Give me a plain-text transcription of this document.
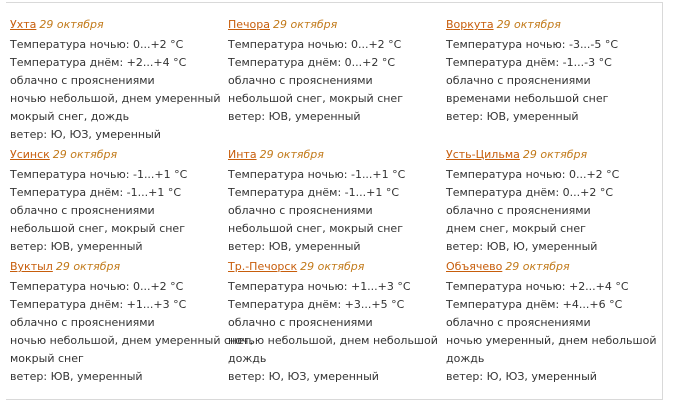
Ухта 29 октября
Температура ночью: 0...+2 °C
Температура днём: +2...+4 °C
облачно с прояснениями
ночью небольшой, днем умеренный
мокрый снег, дождь
ветер: Ю, ЮЗ, умеренный
Печора 29 октября
Температура ночью: 0...+2 °C
Температура днём: 0...+2 °C
облачно с прояснениями
небольшой снег, мокрый снег
ветер: ЮВ, умеренный
Воркута 29 октября
Температура ночью: -3...-5 °C
Температура днём: -1...-3 °C
облачно с прояснениями
временами небольшой снег
ветер: ЮВ, умеренный
Усинск 29 октября
Температура ночью: -1...+1 °C
Температура днём: -1...+1 °C
облачно с прояснениями
небольшой снег, мокрый снег
ветер: ЮВ, умеренный
Инта 29 октября
Температура ночью: -1...+1 °C
Температура днём: -1...+1 °C
облачно с прояснениями
небольшой снег, мокрый снег
ветер: ЮВ, умеренный
Усть-Цильма 29 октября
Температура ночью: 0...+2 °C
Температура днём: 0...+2 °C
облачно с прояснениями
днем снег, мокрый снег
ветер: ЮВ, Ю, умеренный
Вуктыл 29 октября
Температура ночью: 0...+2 °C
Температура днём: +1...+3 °C
облачно с прояснениями
ночью небольшой, днем умеренный снег,
мокрый снег
ветер: ЮВ, умеренный
Тр.-Печорск 29 октября
Температура ночью: +1...+3 °C
Температура днём: +3...+5 °C
облачно с прояснениями
ночью небольшой, днем небольшой
дождь
ветер: Ю, ЮЗ, умеренный
Объячево 29 октября
Температура ночью: +2...+4 °C
Температура днём: +4...+6 °C
облачно с прояснениями
ночью умеренный, днем небольшой
дождь
ветер: Ю, ЮЗ, умеренный
